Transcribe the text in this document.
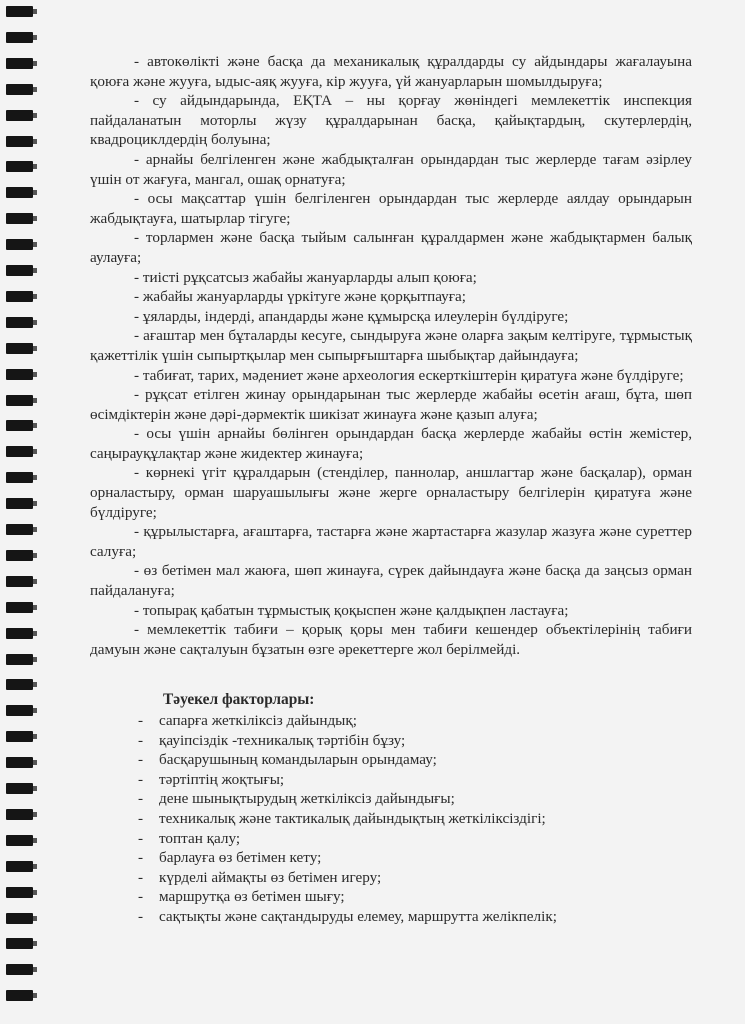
- автокөлікті және басқа да механикалық құралдарды су айдындары жағалауына қоюға және жууға, ыдыс-аяқ жууға, кір жууға, үй жануарларын шомылдыруға;

- су айдындарында, ЕҚТА – ны қорғау жөніндегі мемлекеттік инспекция пайдаланатын моторлы жүзу құралдарынан басқа, қайықтардың, скутерлердің, квадроциклдердің болуына;

- арнайы белгіленген және жабдықталған орындардан тыс жерлерде тағам әзірлеу үшін от жағуға, мангал, ошақ орнатуға;

- осы мақсаттар үшін белгіленген орындардан тыс жерлерде аялдау орындарын жабдықтауға, шатырлар тігуге;

- торлармен және басқа тыйым салынған құралдармен және жабдықтармен балық аулауға;

- тиісті рұқсатсыз жабайы жануарларды алып қоюға;

- жабайы жануарларды үркітуге және қорқытпауға;

- ұяларды, індерді, апандарды және құмырсқа илеулерін бүлдіруге;

- ағаштар мен бұталарды кесуге, сындыруға және оларға зақым келтіруге, тұрмыстық қажеттілік үшін сыпыртқылар мен сыпырғыштарға шыбықтар дайындауға;

- табиғат, тарих, мәдениет және археология ескерткіштерін қиратуға және бүлдіруге;

- рұқсат етілген жинау орындарынан тыс жерлерде жабайы өсетін ағаш, бұта, шөп өсімдіктерін және дәрі-дәрмектік шикізат жинауға және қазып алуға;

- осы үшін арнайы бөлінген орындардан басқа жерлерде жабайы өстін жемістер, саңырауқұлақтар және жидектер жинауға;

- көрнекі үгіт құралдарын (стендiлер, паннолар, аншлагтар және басқалар), орман орналастыру, орман шаруашылығы және жерге орналастыру белгілерін қиратуға және бүлдіруге;

- құрылыстарға, ағаштарға, тастарға және жартастарға жазулар жазуға және суреттер салуға;

- өз бетімен мал жаюға, шөп жинауға, сүрек дайындауға және басқа да заңсыз орман пайдалануға;

- топырақ қабатын тұрмыстық қоқыспен және қалдықпен ластауға;

- мемлекеттік табиғи – қорық қоры мен табиғи кешендер объектілерінің табиғи дамуын және сақталуын бұзатын өзге әрекеттерге жол берілмейді.

Тәуекел факторлары:
- сапарға жеткіліксіз дайындық;
- қауіпсіздік -техникалық тәртібін бұзу;
- басқарушының командыларын орындамау;
- тәртіптің жоқтығы;
- дене шынықтырудың жеткіліксіз дайындығы;
- техникалық және тактикалық дайындықтың жеткіліксіздігі;
- топтан қалу;
- барлауға өз бетімен кету;
- күрделі аймақты өз бетімен игеру;
- маршрутқа өз бетімен шығу;
- сақтықты және сақтандыруды елемеу, маршрутта желікпелік;
